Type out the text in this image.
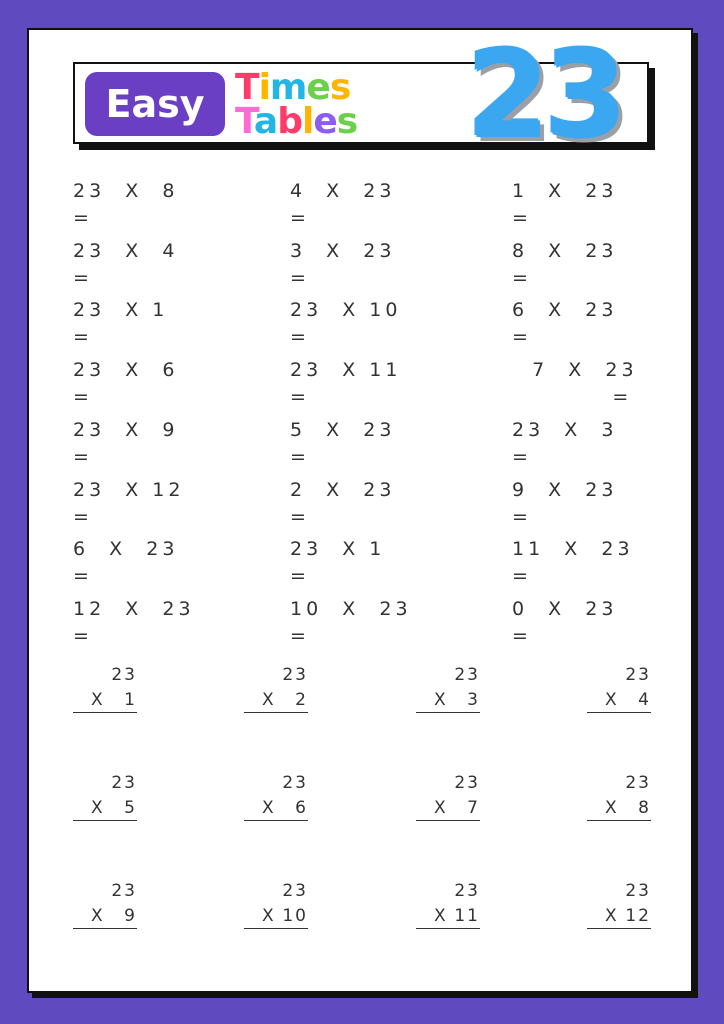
Easy Times
Tables 23
23  X  8
=
4  X  23  =
1  X  23  =
23  X  4
=
3  X  23  =
8  X  23  =
23  X 1  =
23  X 10  =
6  X  23
=
23  X  6
=
23  X 11  =
7  X  23
=
23  X  9  =
5  X  23  =
23  X  3
=
23  X 12  =
2  X  23  =
9  X  23  =
6  X  23  =
23  X 1  =
11  X  23  =
12  X  23
=
10  X  23  =
0  X  23  =
23
X 1
23
X 2
23
X 3
23
X 4
23
X 5
23
X 6
23
X 7
23
X 8
23
X 9
23
X 10
23
X 11
23
X 12
